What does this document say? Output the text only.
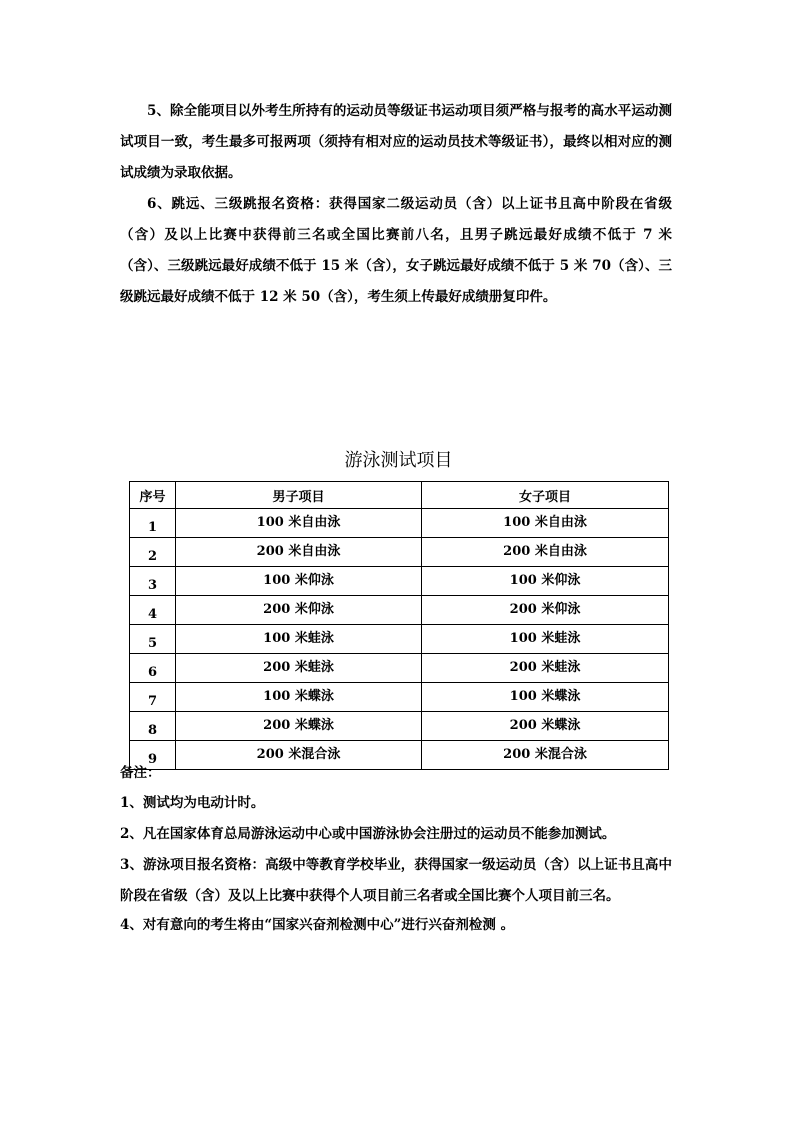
5、除全能项目以外考生所持有的运动员等级证书运动项目须严格与报考的高水平运动测试项目一致，考生最多可报两项（须持有相对应的运动员技术等级证书），最终以相对应的测试成绩为录取依据。

6、跳远、三级跳报名资格：获得国家二级运动员（含）以上证书且高中阶段在省级（含）及以上比赛中获得前三名或全国比赛前八名，且男子跳远最好成绩不低于 7 米（含）、三级跳远最好成绩不低于 15 米（含），女子跳远最好成绩不低于 5 米 70（含）、三级跳远最好成绩不低于 12 米 50（含），考生须上传最好成绩册复印件。

游泳测试项目
序号	男子项目	女子项目
1	100 米自由泳	100 米自由泳
2	200 米自由泳	200 米自由泳
3	100 米仰泳	100 米仰泳
4	200 米仰泳	200 米仰泳
5	100 米蛙泳	100 米蛙泳
6	200 米蛙泳	200 米蛙泳
7	100 米蝶泳	100 米蝶泳
8	200 米蝶泳	200 米蝶泳
9	200 米混合泳	200 米混合泳

备注：

1、测试均为电动计时。

2、凡在国家体育总局游泳运动中心或中国游泳协会注册过的运动员不能参加测试。

3、游泳项目报名资格：高级中等教育学校毕业，获得国家一级运动员（含）以上证书且高中阶段在省级（含）及以上比赛中获得个人项目前三名者或全国比赛个人项目前三名。

4、对有意向的考生将由“国家兴奋剂检测中心”进行兴奋剂检测 。
